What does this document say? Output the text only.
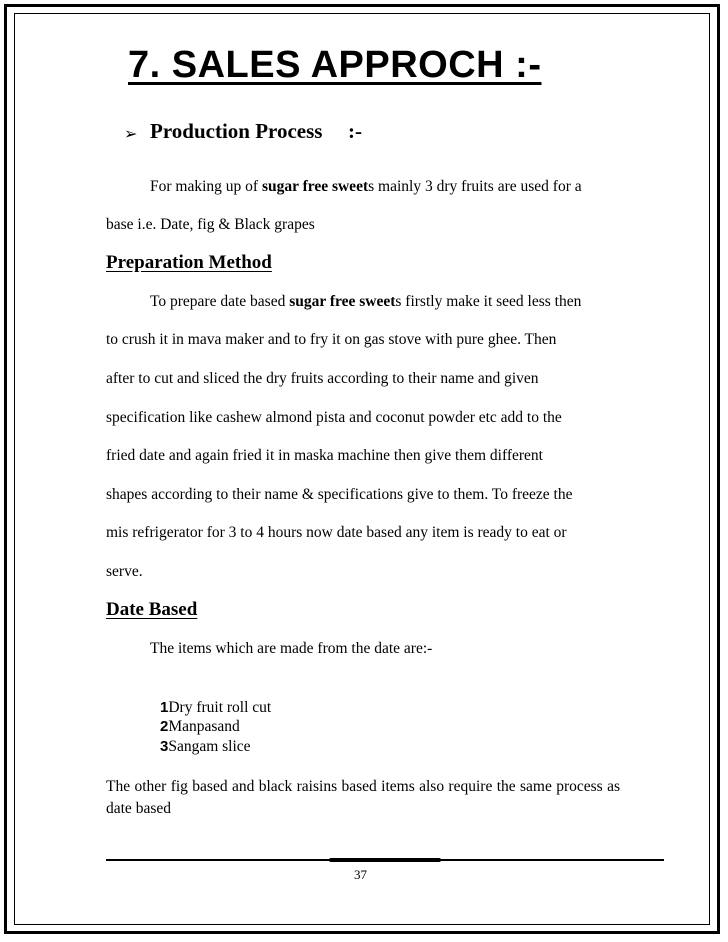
7. SALES APPROCH :-
➢ Production Process :-
For making up of sugar free sweets mainly 3 dry fruits are used for a
base i.e. Date, fig & Black grapes
Preparation Method
To prepare date based sugar free sweets firstly make it seed less then
to crush it in mava maker and to fry it on gas stove with pure ghee. Then
after to cut and sliced the dry fruits according to their name and given
specification like cashew almond pista and coconut powder etc add to the
fried date and again fried it in maska machine then give them different
shapes according to their name & specifications give to them. To freeze the
mis refrigerator for 3 to 4 hours now date based any item is ready to eat or
serve.
Date Based
The items which are made from the date are:-
1Dry fruit roll cut
2Manpasand
3Sangam slice
The other fig based and black raisins based items also require the same process as date based
37
